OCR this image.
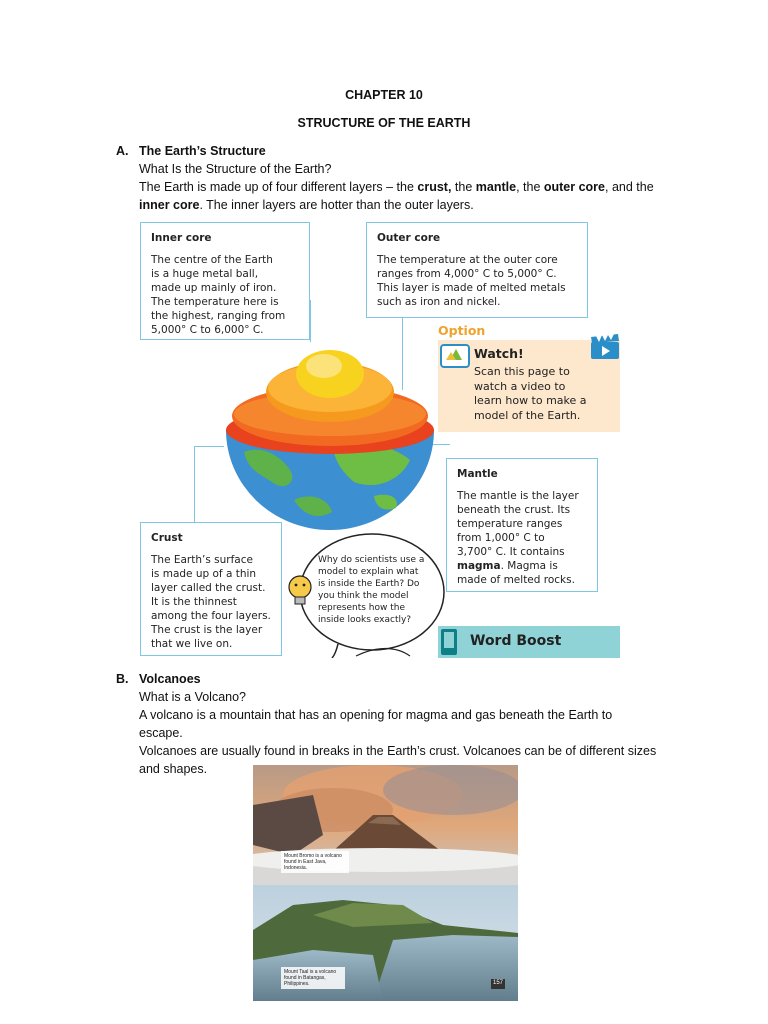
CHAPTER 10
STRUCTURE OF THE EARTH
A. The Earth’s Structure
What Is the Structure of the Earth?
The Earth is made up of four different layers – the crust, the mantle, the outer core, and the
inner core. The inner layers are hotter than the outer layers.
Inner core
The centre of the Earth
is a huge metal ball,
made up mainly of iron.
The temperature here is
the highest, ranging from
5,000° C to 6,000° C.
Outer core
The temperature at the outer core
ranges from 4,000° C to 5,000° C.
This layer is made of melted metals
such as iron and nickel.
Option
Watch!
Scan this page to
watch a video to
learn how to make a
model of the Earth.
Mantle
The mantle is the layer
beneath the crust. Its
temperature ranges
from 1,000° C to
3,700° C. It contains
magma. Magma is
made of melted rocks.
Crust
The Earth’s surface
is made up of a thin
layer called the crust.
It is the thinnest
among the four layers.
The crust is the layer
that we live on.
Why do scientists use a
model to explain what
is inside the Earth? Do
you think the model
represents how the
inside looks exactly?
Word Boost
B. Volcanoes
What is a Volcano?
A volcano is a mountain that has an opening for magma and gas beneath the Earth to
escape.
Volcanoes are usually found in breaks in the Earth’s crust. Volcanoes can be of different sizes
and shapes.
Mount Bromo is a volcano found in East Java, Indonesia.
Mount Taal is a volcano found in Batangas, Philippines.	157
